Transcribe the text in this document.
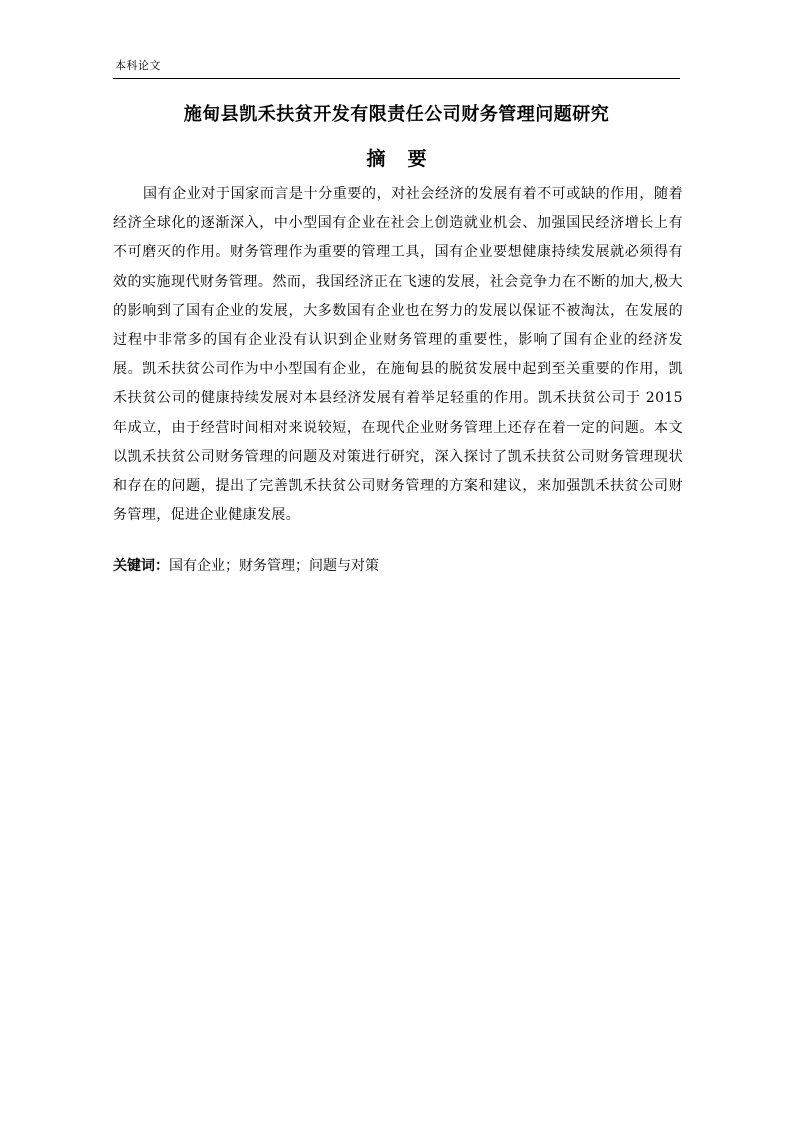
本科论文
施甸县凯禾扶贫开发有限责任公司财务管理问题研究
摘 要

国有企业对于国家而言是十分重要的，对社会经济的发展有着不可或缺的作用，随着经济全球化的逐渐深入，中小型国有企业在社会上创造就业机会、加强国民经济增长上有不可磨灭的作用。财务管理作为重要的管理工具，国有企业要想健康持续发展就必须得有效的实施现代财务管理。然而，我国经济正在飞速的发展，社会竞争力在不断的加大,极大的影响到了国有企业的发展，大多数国有企业也在努力的发展以保证不被淘汰，在发展的过程中非常多的国有企业没有认识到企业财务管理的重要性，影响了国有企业的经济发展。凯禾扶贫公司作为中小型国有企业，在施甸县的脱贫发展中起到至关重要的作用，凯禾扶贫公司的健康持续发展对本县经济发展有着举足轻重的作用。凯禾扶贫公司于 2015 年成立，由于经营时间相对来说较短，在现代企业财务管理上还存在着一定的问题。本文以凯禾扶贫公司财务管理的问题及对策进行研究，深入探讨了凯禾扶贫公司财务管理现状和存在的问题，提出了完善凯禾扶贫公司财务管理的方案和建议，来加强凯禾扶贫公司财务管理，促进企业健康发展。

关键词：国有企业；财务管理；问题与对策
